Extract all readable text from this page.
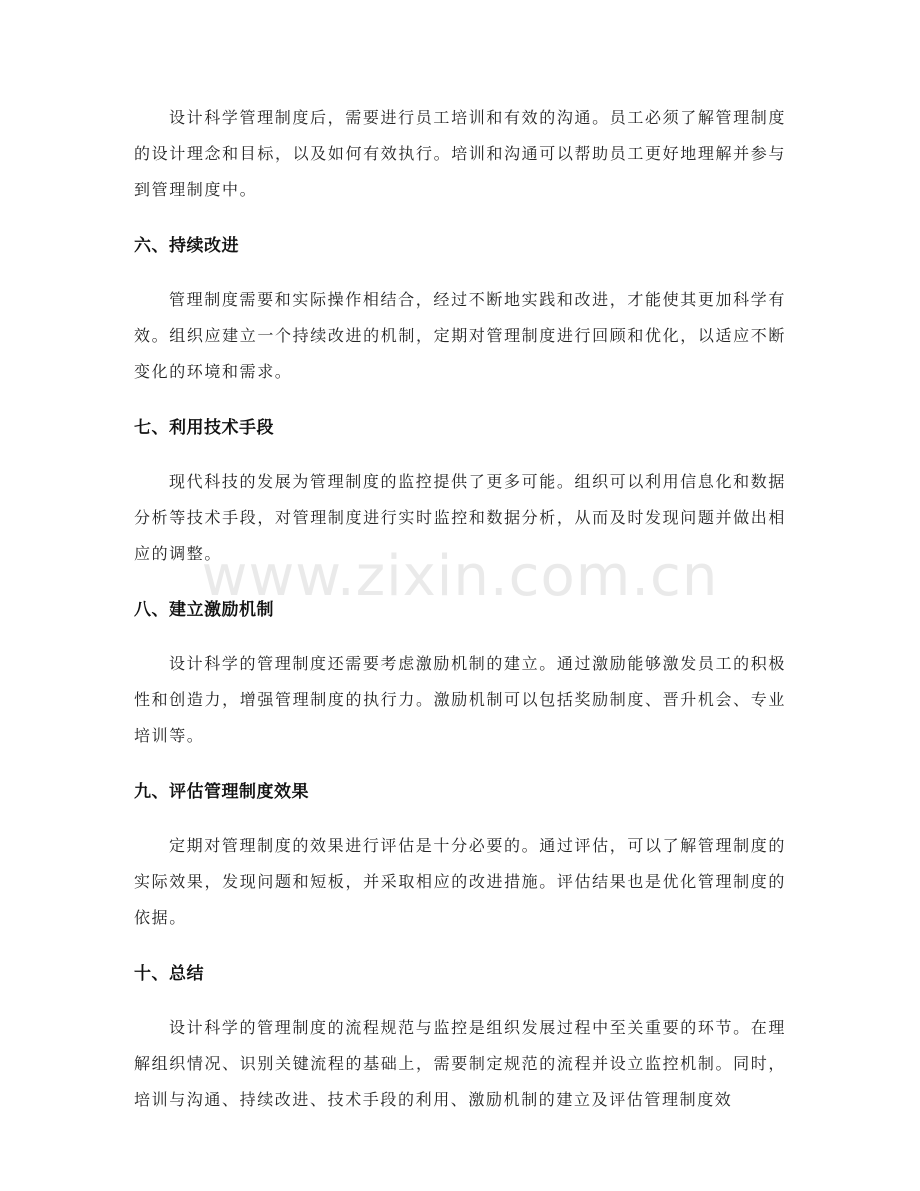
设计科学管理制度后，需要进行员工培训和有效的沟通。员工必须了解管理制度的设计理念和目标，以及如何有效执行。培训和沟通可以帮助员工更好地理解并参与到管理制度中。

六、持续改进

管理制度需要和实际操作相结合，经过不断地实践和改进，才能使其更加科学有效。组织应建立一个持续改进的机制，定期对管理制度进行回顾和优化，以适应不断变化的环境和需求。

七、利用技术手段

现代科技的发展为管理制度的监控提供了更多可能。组织可以利用信息化和数据分析等技术手段，对管理制度进行实时监控和数据分析，从而及时发现问题并做出相应的调整。

八、建立激励机制

设计科学的管理制度还需要考虑激励机制的建立。通过激励能够激发员工的积极性和创造力，增强管理制度的执行力。激励机制可以包括奖励制度、晋升机会、专业培训等。

九、评估管理制度效果

定期对管理制度的效果进行评估是十分必要的。通过评估，可以了解管理制度的实际效果，发现问题和短板，并采取相应的改进措施。评估结果也是优化管理制度的依据。

十、总结

设计科学的管理制度的流程规范与监控是组织发展过程中至关重要的环节。在理解组织情况、识别关键流程的基础上，需要制定规范的流程并设立监控机制。同时，培训与沟通、持续改进、技术手段的利用、激励机制的建立及评估管理制度效

www.zixin.com.cn
